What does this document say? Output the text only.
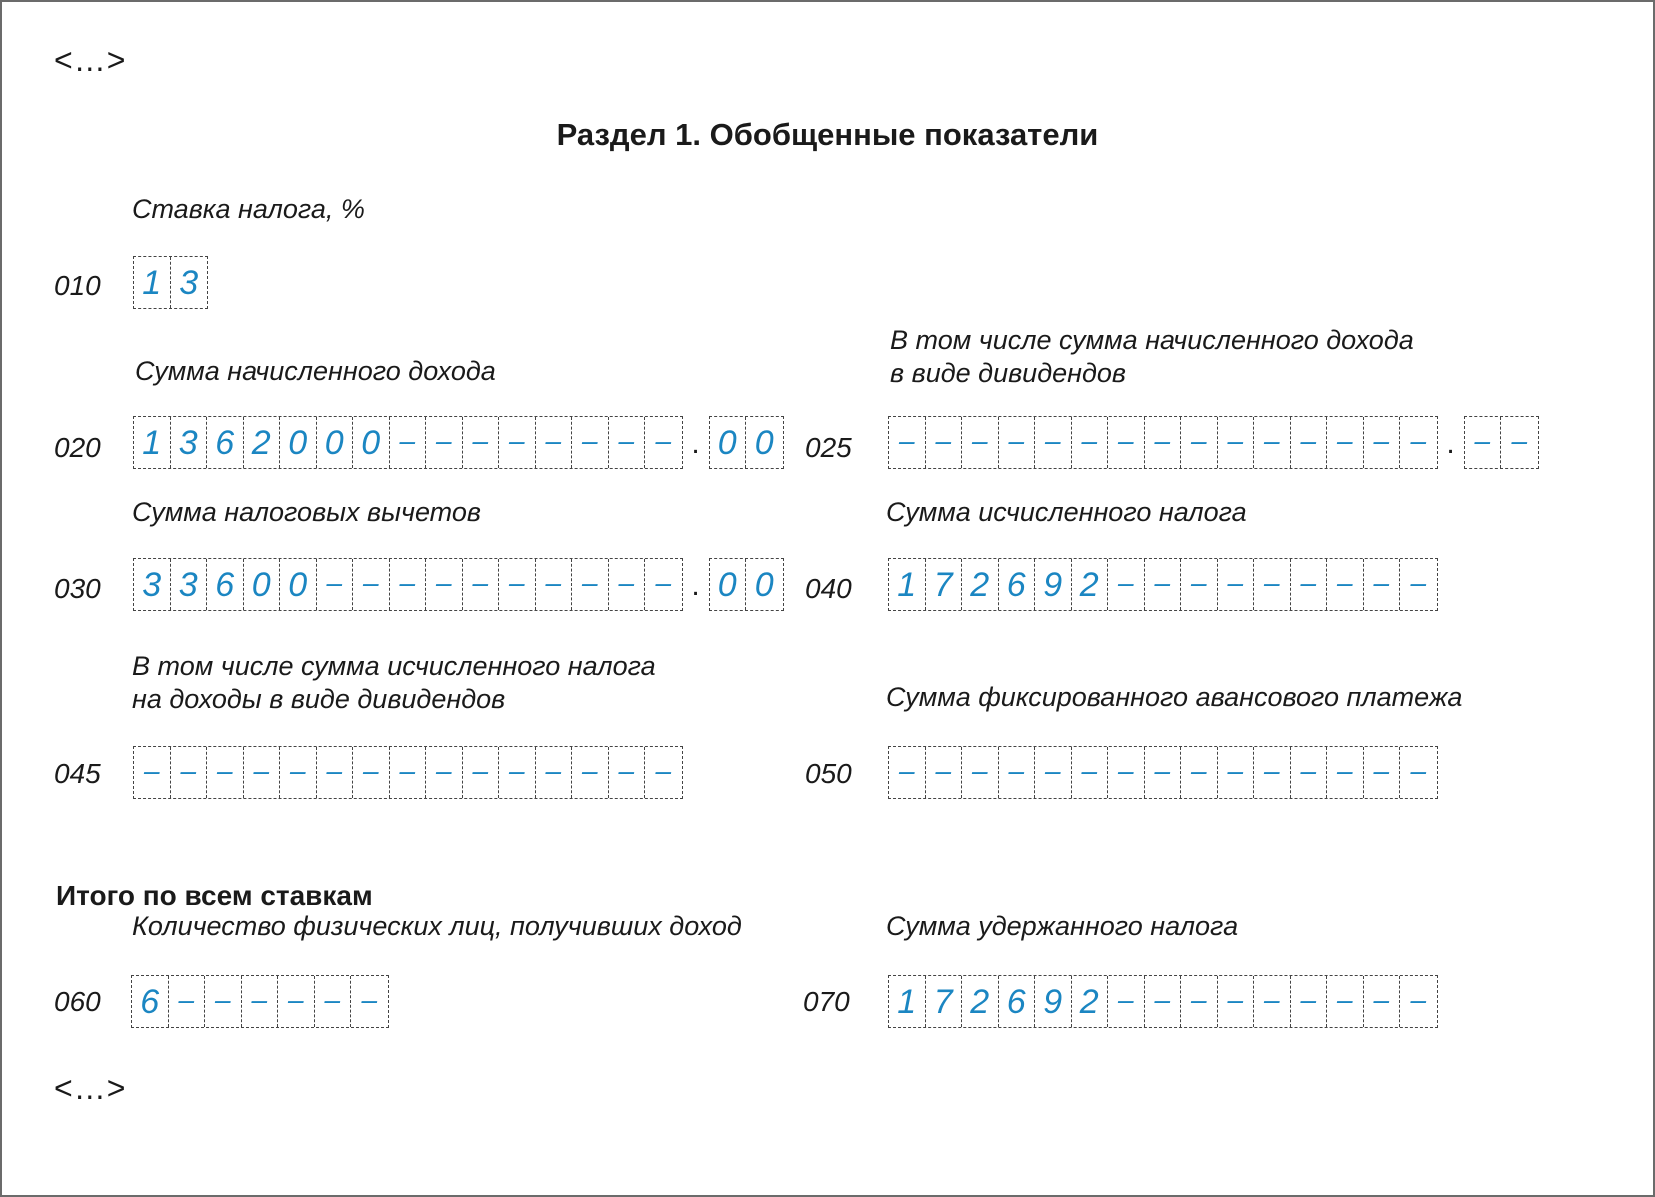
<…>
Раздел 1. Обобщенные показатели
Ставка налога, %
010 1 3
Сумма начисленного дохода
020 1 3 6 2 0 0 0 – – – – – – – – . 0 0
В том числе сумма начисленного дохода
в виде дивидендов
025	– – – – – – – – – – – – – – – . – –
Сумма налоговых вычетов
030 3 3 6 0 0 – – – – – – – – – – . 0 0
Сумма исчисленного налога
040 1 7 2 6 9 2 – – – – – – – – –
В том числе сумма исчисленного налога
на доходы в виде дивидендов
045	– – – – – – – – – – – – – – –
Сумма фиксированного авансового платежа
050	– – – – – – – – – – – – – – –
Итого по всем ставкам
Количество физических лиц, получивших доход
060 6 – – – – – –
Сумма удержанного налога
070 1 7 2 6 9 2 – – – – – – – – –
<…>
